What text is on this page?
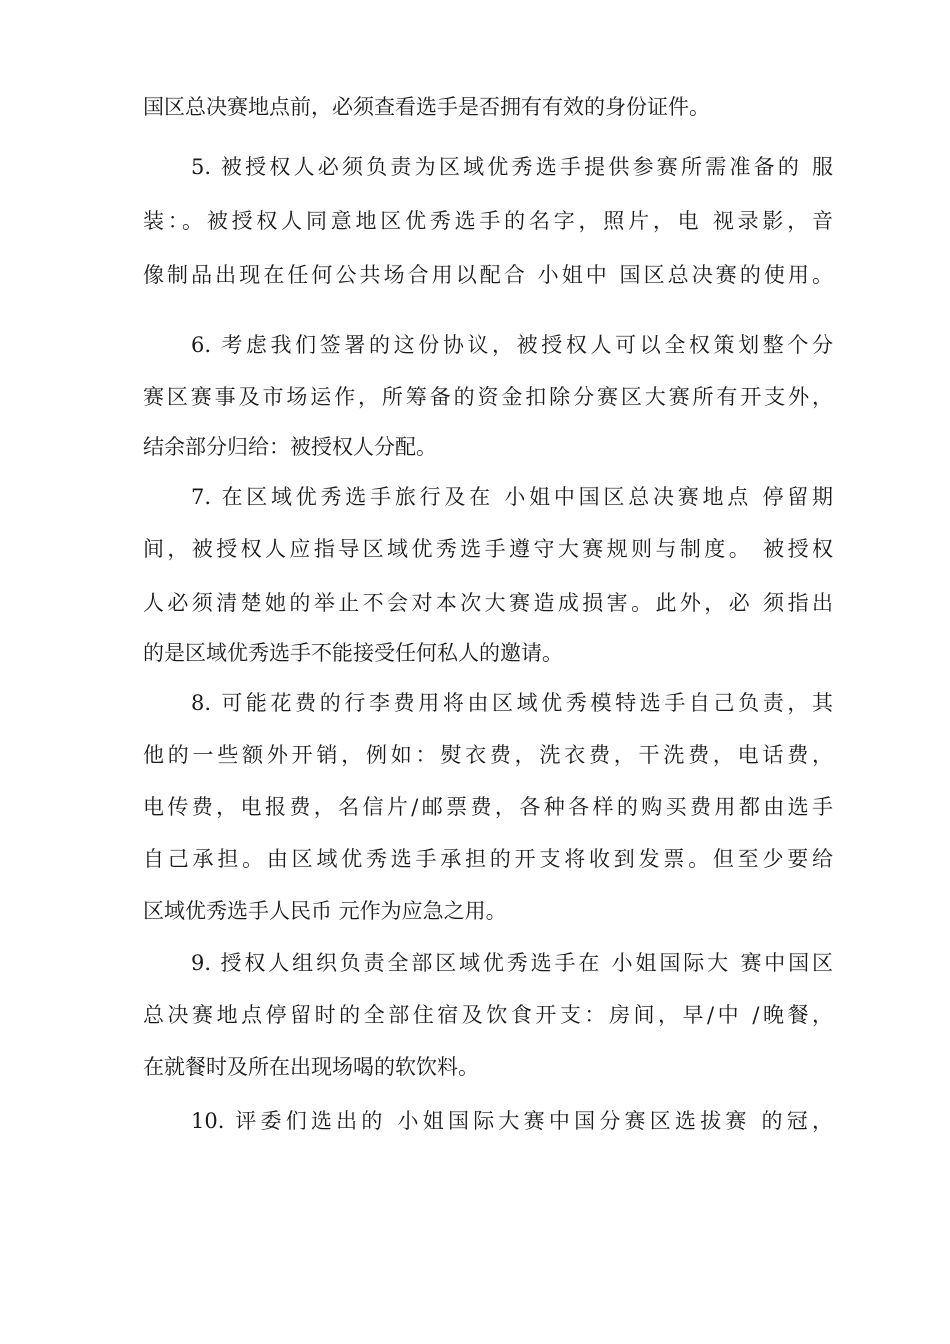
国区总决赛地点前，必须查看选手是否拥有有效的身份证件。
5. 被授权人必须负责为区域优秀选手提供参赛所需准备的 服
装：。被授权人同意地区优秀选手的名字，照片，电 视录影，音
像制品出现在任何公共场合用以配合 小姐中 国区总决赛的使用。
6. 考虑我们签署的这份协议，被授权人可以全权策划整个分
赛区赛事及市场运作，所筹备的资金扣除分赛区大赛所有开支外，
结余部分归给：被授权人分配。
7. 在区域优秀选手旅行及在 小姐中国区总决赛地点 停留期
间，被授权人应指导区域优秀选手遵守大赛规则与制度。 被授权
人必须清楚她的举止不会对本次大赛造成损害。此外，必 须指出
的是区域优秀选手不能接受任何私人的邀请。
8. 可能花费的行李费用将由区域优秀模特选手自己负责，其
他的一些额外开销，例如：熨衣费，洗衣费，干洗费，电话费，
电传费，电报费，名信片/邮票费，各种各样的购买费用都由选手
自己承担。由区域优秀选手承担的开支将收到发票。但至少要给
区域优秀选手人民币 元作为应急之用。
9. 授权人组织负责全部区域优秀选手在 小姐国际大 赛中国区
总决赛地点停留时的全部住宿及饮食开支：房间，早/中 /晚餐，
在就餐时及所在出现场喝的软饮料。
10. 评委们选出的 小姐国际大赛中国分赛区选拔赛 的冠，
